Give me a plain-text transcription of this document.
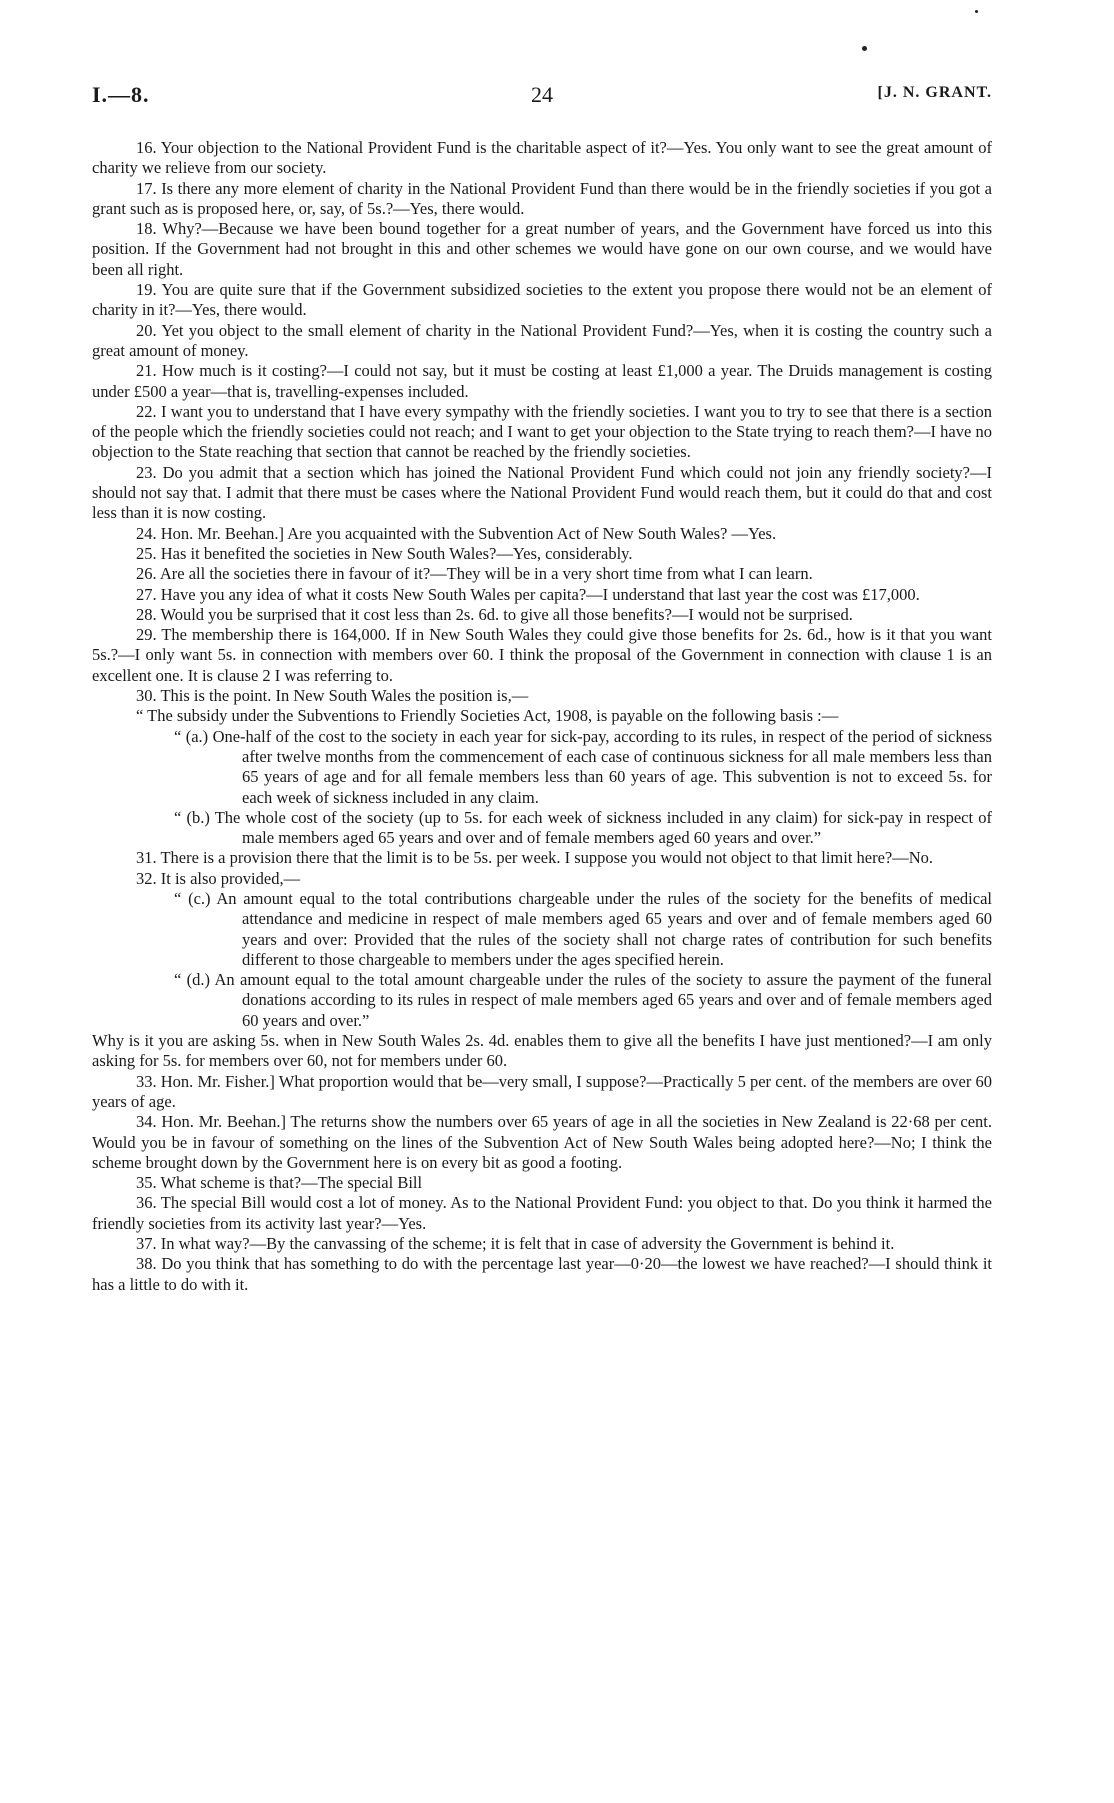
I.—8.	24	[J. N. GRANT.

16. Your objection to the National Provident Fund is the charitable aspect of it?—Yes. You only want to see the great amount of charity we relieve from our society.

17. Is there any more element of charity in the National Provident Fund than there would be in the friendly societies if you got a grant such as is proposed here, or, say, of 5s.?—Yes, there would.

18. Why?—Because we have been bound together for a great number of years, and the Government have forced us into this position. If the Government had not brought in this and other schemes we would have gone on our own course, and we would have been all right.

19. You are quite sure that if the Government subsidized societies to the extent you propose there would not be an element of charity in it?—Yes, there would.

20. Yet you object to the small element of charity in the National Provident Fund?—Yes, when it is costing the country such a great amount of money.

21. How much is it costing?—I could not say, but it must be costing at least £1,000 a year. The Druids management is costing under £500 a year—that is, travelling-expenses included.

22. I want you to understand that I have every sympathy with the friendly societies. I want you to try to see that there is a section of the people which the friendly societies could not reach; and I want to get your objection to the State trying to reach them?—I have no objection to the State reaching that section that cannot be reached by the friendly societies.

23. Do you admit that a section which has joined the National Provident Fund which could not join any friendly society?—I should not say that. I admit that there must be cases where the National Provident Fund would reach them, but it could do that and cost less than it is now costing.

24. Hon. Mr. Beehan.] Are you acquainted with the Subvention Act of New South Wales? —Yes.

25. Has it benefited the societies in New South Wales?—Yes, considerably.

26. Are all the societies there in favour of it?—They will be in a very short time from what I can learn.

27. Have you any idea of what it costs New South Wales per capita?—I understand that last year the cost was £17,000.

28. Would you be surprised that it cost less than 2s. 6d. to give all those benefits?—I would not be surprised.

29. The membership there is 164,000. If in New South Wales they could give those benefits for 2s. 6d., how is it that you want 5s.?—I only want 5s. in connection with members over 60. I think the proposal of the Government in connection with clause 1 is an excellent one. It is clause 2 I was referring to.

30. This is the point. In New South Wales the position is,—

“ The subsidy under the Subventions to Friendly Societies Act, 1908, is payable on the following basis :—

“ (a.) One-half of the cost to the society in each year for sick-pay, according to its rules, in respect of the period of sickness after twelve months from the commencement of each case of continuous sickness for all male members less than 65 years of age and for all female members less than 60 years of age. This subvention is not to exceed 5s. for each week of sickness included in any claim.

“ (b.) The whole cost of the society (up to 5s. for each week of sickness included in any claim) for sick-pay in respect of male members aged 65 years and over and of female members aged 60 years and over.”

31. There is a provision there that the limit is to be 5s. per week. I suppose you would not object to that limit here?—No.

32. It is also provided,—

“ (c.) An amount equal to the total contributions chargeable under the rules of the society for the benefits of medical attendance and medicine in respect of male members aged 65 years and over and of female members aged 60 years and over: Provided that the rules of the society shall not charge rates of contribution for such benefits different to those chargeable to members under the ages specified herein.

“ (d.) An amount equal to the total amount chargeable under the rules of the society to assure the payment of the funeral donations according to its rules in respect of male members aged 65 years and over and of female members aged 60 years and over.”

Why is it you are asking 5s. when in New South Wales 2s. 4d. enables them to give all the benefits I have just mentioned?—I am only asking for 5s. for members over 60, not for members under 60.

33. Hon. Mr. Fisher.] What proportion would that be—very small, I suppose?—Practically 5 per cent. of the members are over 60 years of age.

34. Hon. Mr. Beehan.] The returns show the numbers over 65 years of age in all the societies in New Zealand is 22·68 per cent. Would you be in favour of something on the lines of the Subvention Act of New South Wales being adopted here?—No; I think the scheme brought down by the Government here is on every bit as good a footing.

35. What scheme is that?—The special Bill

36. The special Bill would cost a lot of money. As to the National Provident Fund: you object to that. Do you think it harmed the friendly societies from its activity last year?—Yes.

37. In what way?—By the canvassing of the scheme; it is felt that in case of adversity the Government is behind it.

38. Do you think that has something to do with the percentage last year—0·20—the lowest we have reached?—I should think it has a little to do with it.
